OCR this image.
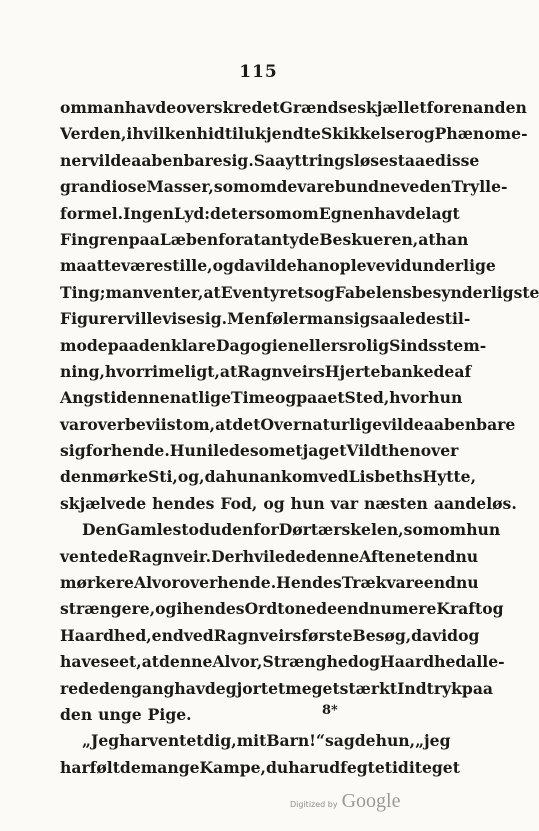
115
om man havde overskredet Grændseskjællet for en anden
Verden, i hvilken hidtil ukjendte Skikkelser og Phænome-
ner vilde aabenbare sig. Saa yttringsløse staae disse
grandiose Masser, som om de vare bundne ved en Trylle-
formel. Ingen Lyd: det er som om Egnen havde lagt
Fingren paa Læben for at antyde Beskueren, at han
maatte være stille, og da vilde han opleve vidunderlige
Ting; man venter, at Eventyrets og Fabelens besynderligste
Figurer ville vise sig. Men føler man sig saaledes til-
mode paa den klare Dag og i en ellers rolig Sindsstem-
ning, hvor rimeligt, at Ragnveirs Hjerte bankede af
Angst i denne natlige Time og paa et Sted, hvor hun
var overbeviist om, at det Overnaturlige vilde aabenbare
sig for hende. Hun ilede som et jaget Vildt henover
den mørke Sti, og, da hun ankom ved Lisbeths Hytte,
skjælvede hendes Fod, og hun var næsten aandeløs.
Den Gamle stod udenfor Dørtærskelen, som om hun
ventede Ragnveir. Der hvilede denne Aften et endnu
mørkere Alvor over hende. Hendes Træk vare endnu
strængere, og i hendes Ord tonede endnu mere Kraft og
Haardhed, end ved Ragnveirs første Besøg, da vi dog
have seet, at denne Alvor, Strænghed og Haardhed alle-
rede dengang havde gjort et meget stærkt Indtryk paa
den unge Pige.
„Jeg har ventet dig, mit Barn!“ sagde hun, „jeg
har følt de mange Kampe, du har udfegtet i dit eget
8*
Digitized by Google
